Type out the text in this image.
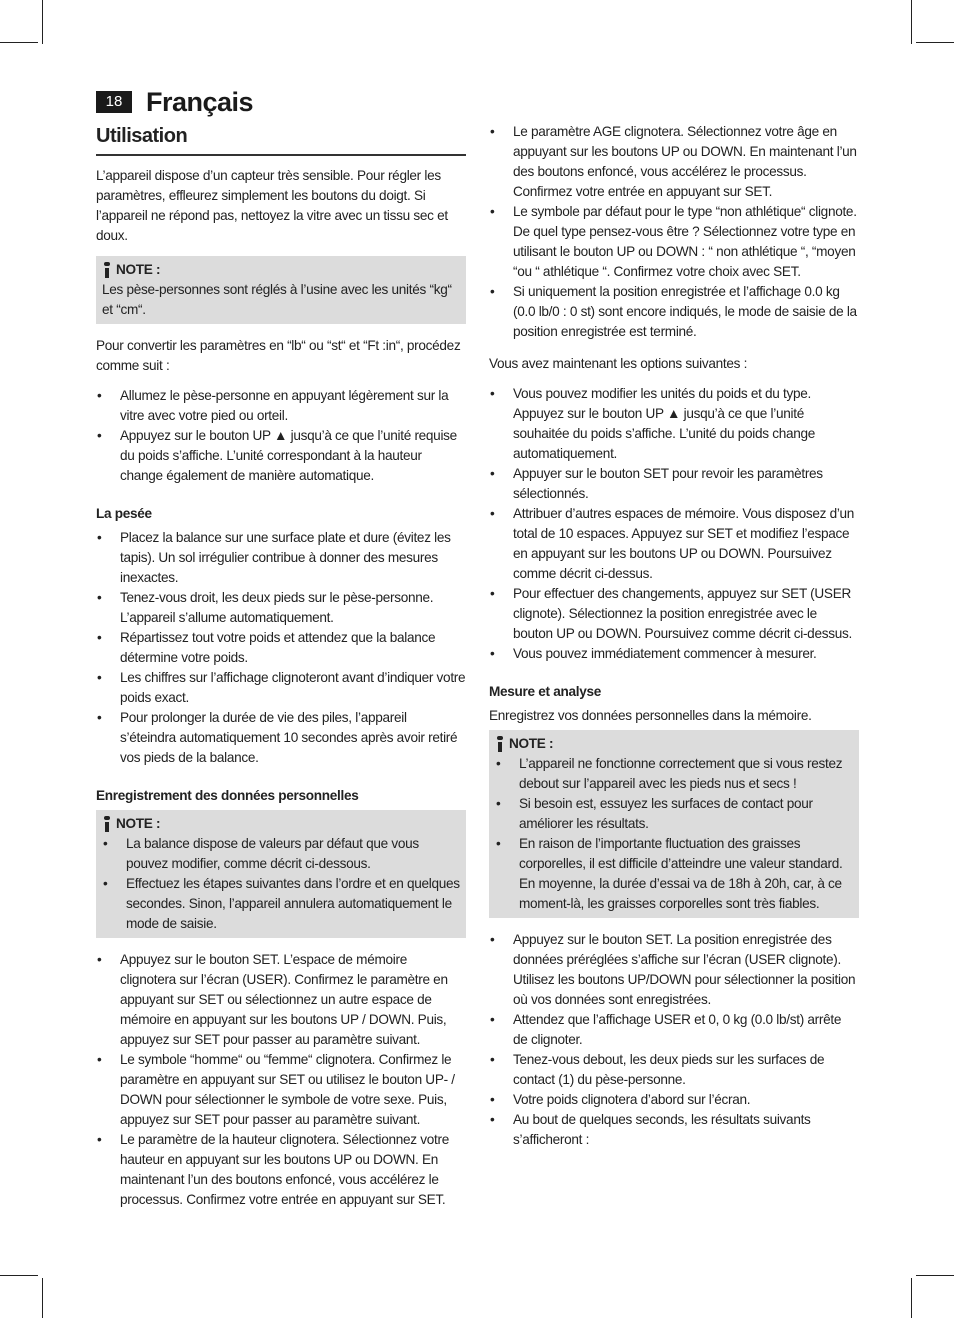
18 Français
Utilisation

L’appareil dispose d’un capteur très sensible. Pour régler les paramètres, effleurez simplement les boutons du doigt. Si l’appareil ne répond pas, nettoyez la vitre avec un tissu sec et doux.

NOTE :
Les pèse-personnes sont réglés à l’usine avec les unités “kg“ et “cm“.

Pour convertir les paramètres en “lb“ ou “st“ et “Ft :in“, procédez comme suit :

• Allumez le pèse-personne en appuyant légèrement sur la vitre avec votre pied ou orteil.
• Appuyez sur le bouton UP ▲ jusqu’à ce que l’unité requise du poids s’affiche. L’unité correspondant à la hauteur change également de manière automatique.
La pesée
• Placez la balance sur une surface plate et dure (évitez les tapis). Un sol irrégulier contribue à donner des mesures inexactes.
• Tenez-vous droit, les deux pieds sur le pèse-personne. L’appareil s’allume automatiquement.
• Répartissez tout votre poids et attendez que la balance détermine votre poids.
• Les chiffres sur l’affichage clignoteront avant d’indiquer votre poids exact.
• Pour prolonger la durée de vie des piles, l’appareil s’éteindra automatiquement 10 secondes après avoir retiré vos pieds de la balance.
Enregistrement des données personnelles
NOTE :
• La balance dispose de valeurs par défaut que vous pouvez modifier, comme décrit ci-dessous.
• Effectuez les étapes suivantes dans l’ordre et en quelques secondes. Sinon, l’appareil annulera automatiquement le mode de saisie.
• Appuyez sur le bouton SET. L’espace de mémoire clignotera sur l’écran (USER). Confirmez le paramètre en appuyant sur SET ou sélectionnez un autre espace de mémoire en appuyant sur les boutons UP / DOWN. Puis, appuyez sur SET pour passer au paramètre suivant.
• Le symbole “homme“ ou “femme“ clignotera. Confirmez le paramètre en appuyant sur SET ou utilisez le bouton UP- / DOWN pour sélectionner le symbole de votre sexe. Puis, appuyez sur SET pour passer au paramètre suivant.
• Le paramètre de la hauteur clignotera. Sélectionnez votre hauteur en appuyant sur les boutons UP ou DOWN. En maintenant l’un des boutons enfoncé, vous accélérez le processus. Confirmez votre entrée en appuyant sur SET.
• Le paramètre AGE clignotera. Sélectionnez votre âge en appuyant sur les boutons UP ou DOWN. En maintenant l’un des boutons enfoncé, vous accélérez le processus. Confirmez votre entrée en appuyant sur SET.
• Le symbole par défaut pour le type “non athlétique“ clignote. De quel type pensez-vous être ? Sélectionnez votre type en utilisant le bouton UP ou DOWN : “ non athlétique “, “moyen “ou “ athlétique “. Confirmez votre choix avec SET.
• Si uniquement la position enregistrée et l’affichage 0.0 kg (0.0 lb/0 : 0 st) sont encore indiqués, le mode de saisie de la position enregistrée est terminé.

Vous avez maintenant les options suivantes :

• Vous pouvez modifier les unités du poids et du type. Appuyez sur le bouton UP ▲ jusqu’à ce que l’unité souhaitée du poids s’affiche. L’unité du poids change automatiquement.
• Appuyer sur le bouton SET pour revoir les paramètres sélectionnés.
• Attribuer d’autres espaces de mémoire. Vous disposez d’un total de 10 espaces. Appuyez sur SET et modifiez l’espace en appuyant sur les boutons UP ou DOWN. Poursuivez comme décrit ci-dessus.
• Pour effectuer des changements, appuyez sur SET (USER clignote). Sélectionnez la position enregistrée avec le bouton UP ou DOWN. Poursuivez comme décrit ci-dessus.
• Vous pouvez immédiatement commencer à mesurer.
Mesure et analyse

Enregistrez vos données personnelles dans la mémoire.

NOTE :
• L’appareil ne fonctionne correctement que si vous restez debout sur l’appareil avec les pieds nus et secs !
• Si besoin est, essuyez les surfaces de contact pour améliorer les résultats.
• En raison de l’importante fluctuation des graisses corporelles, il est difficile d’atteindre une valeur standard. En moyenne, la durée d’essai va de 18h à 20h, car, à ce moment-là, les graisses corporelles sont très fiables.
• Appuyez sur le bouton SET. La position enregistrée des données préréglées s’affiche sur l’écran (USER clignote). Utilisez les boutons UP/DOWN pour sélectionner la position où vos données sont enregistrées.
• Attendez que l’affichage USER et 0, 0 kg (0.0 lb/st) arrête de clignoter.
• Tenez-vous debout, les deux pieds sur les surfaces de contact (1) du pèse-personne.
• Votre poids clignotera d’abord sur l’écran.
• Au bout de quelques seconds, les résultats suivants s’afficheront :
